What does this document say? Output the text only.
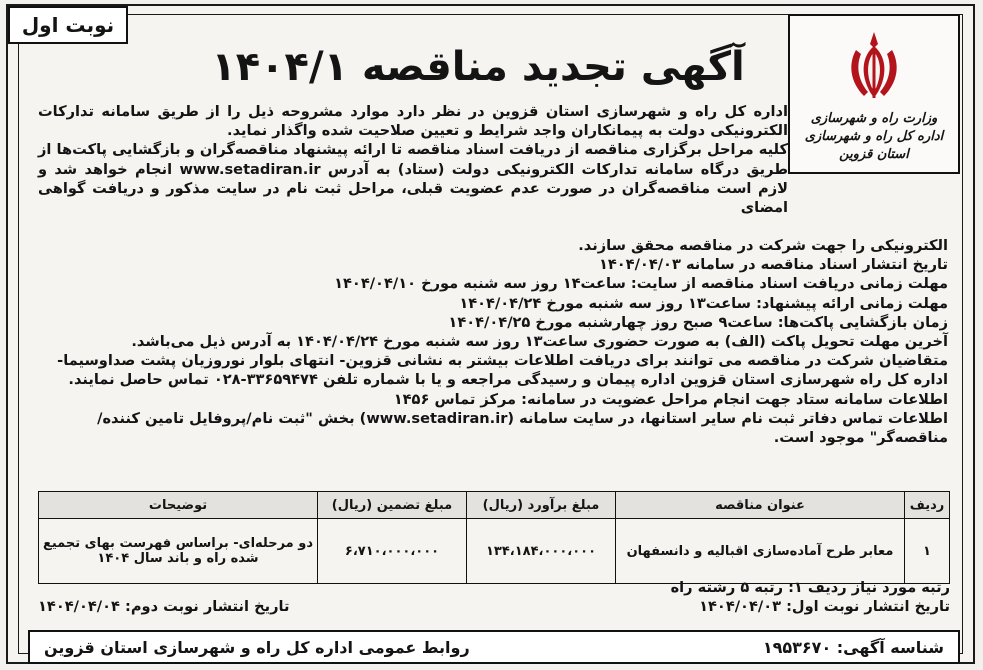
نوبت اول
وزارت راه و شهرسازی
اداره کل راه و شهرسازی استان قزوین
آگهی تجدید مناقصه ۱۴۰۴/۱

اداره کل راه و شهرسازی استان قزوین در نظر دارد موارد مشروحه ذیل را از طریق سامانه تدارکات الکترونیکی دولت به پیمانکاران واجد شرایط و تعیین صلاحیت شده واگذار نماید.

کلیه مراحل برگزاری مناقصه از دریافت اسناد مناقصه تا ارائه پیشنهاد مناقصه‌گران و بازگشایی پاکت‌ها از طریق درگاه سامانه تدارکات الکترونیکی دولت (ستاد) به آدرس www.setadiran.ir انجام خواهد شد و لازم است مناقصه‌گران در صورت عدم عضویت قبلی، مراحل ثبت نام در سایت مذکور و دریافت گواهی امضای

الکترونیکی را جهت شرکت در مناقصه محقق سازند.

تاریخ انتشار اسناد مناقصه در سامانه ۱۴۰۴/۰۴/۰۳

مهلت زمانی دریافت اسناد مناقصه از سایت: ساعت۱۴ روز سه شنبه مورخ ۱۴۰۴/۰۴/۱۰

مهلت زمانی ارائه پیشنهاد: ساعت۱۳ روز سه شنبه مورخ ۱۴۰۴/۰۴/۲۴

زمان بازگشایی پاکت‌ها: ساعت۹ صبح روز چهارشنبه مورخ ۱۴۰۴/۰۴/۲۵

آخرین مهلت تحویل پاکت (الف) به صورت حضوری ساعت۱۳ روز سه شنبه مورخ ۱۴۰۴/۰۴/۲۴ به آدرس ذیل می‌باشد.

متقاضیان شرکت در مناقصه می توانند برای دریافت اطلاعات بیشتر به نشانی قزوین- انتهای بلوار نوروزیان پشت صداوسیما- اداره کل راه شهرسازی استان قزوین اداره پیمان و رسیدگی مراجعه و یا با شماره تلفن ۳۳۶۵۹۴۷۴-۰۲۸ تماس حاصل نمایند.

اطلاعات سامانه ستاد جهت انجام مراحل عضویت در سامانه: مرکز تماس ۱۴۵۶

اطلاعات تماس دفاتر ثبت نام سایر استانها، در سایت سامانه (www.setadiran.ir) بخش "ثبت نام/پروفایل تامین کننده/مناقصه‌گر" موجود است.

ردیف	عنوان مناقصه	مبلغ برآورد (ریال)	مبلغ تضمین (ریال)	توضیحات
۱	معابر طرح آماده‌سازی اقبالیه و دانسفهان	۱۳۴،۱۸۴،۰۰۰،۰۰۰	۶،۷۱۰،۰۰۰،۰۰۰	دو مرحله‌ای- براساس فهرست بهای تجمیع شده راه و باند سال ۱۴۰۴
رتبه مورد نیاز ردیف ۱: رتبه ۵ رشته راه
تاریخ انتشار نوبت اول: ۱۴۰۴/۰۴/۰۳
تاریخ انتشار نوبت دوم: ۱۴۰۴/۰۴/۰۴
شناسه آگهی: ۱۹۵۳۶۷۰
روابط عمومی اداره کل راه و شهرسازی استان قزوین
